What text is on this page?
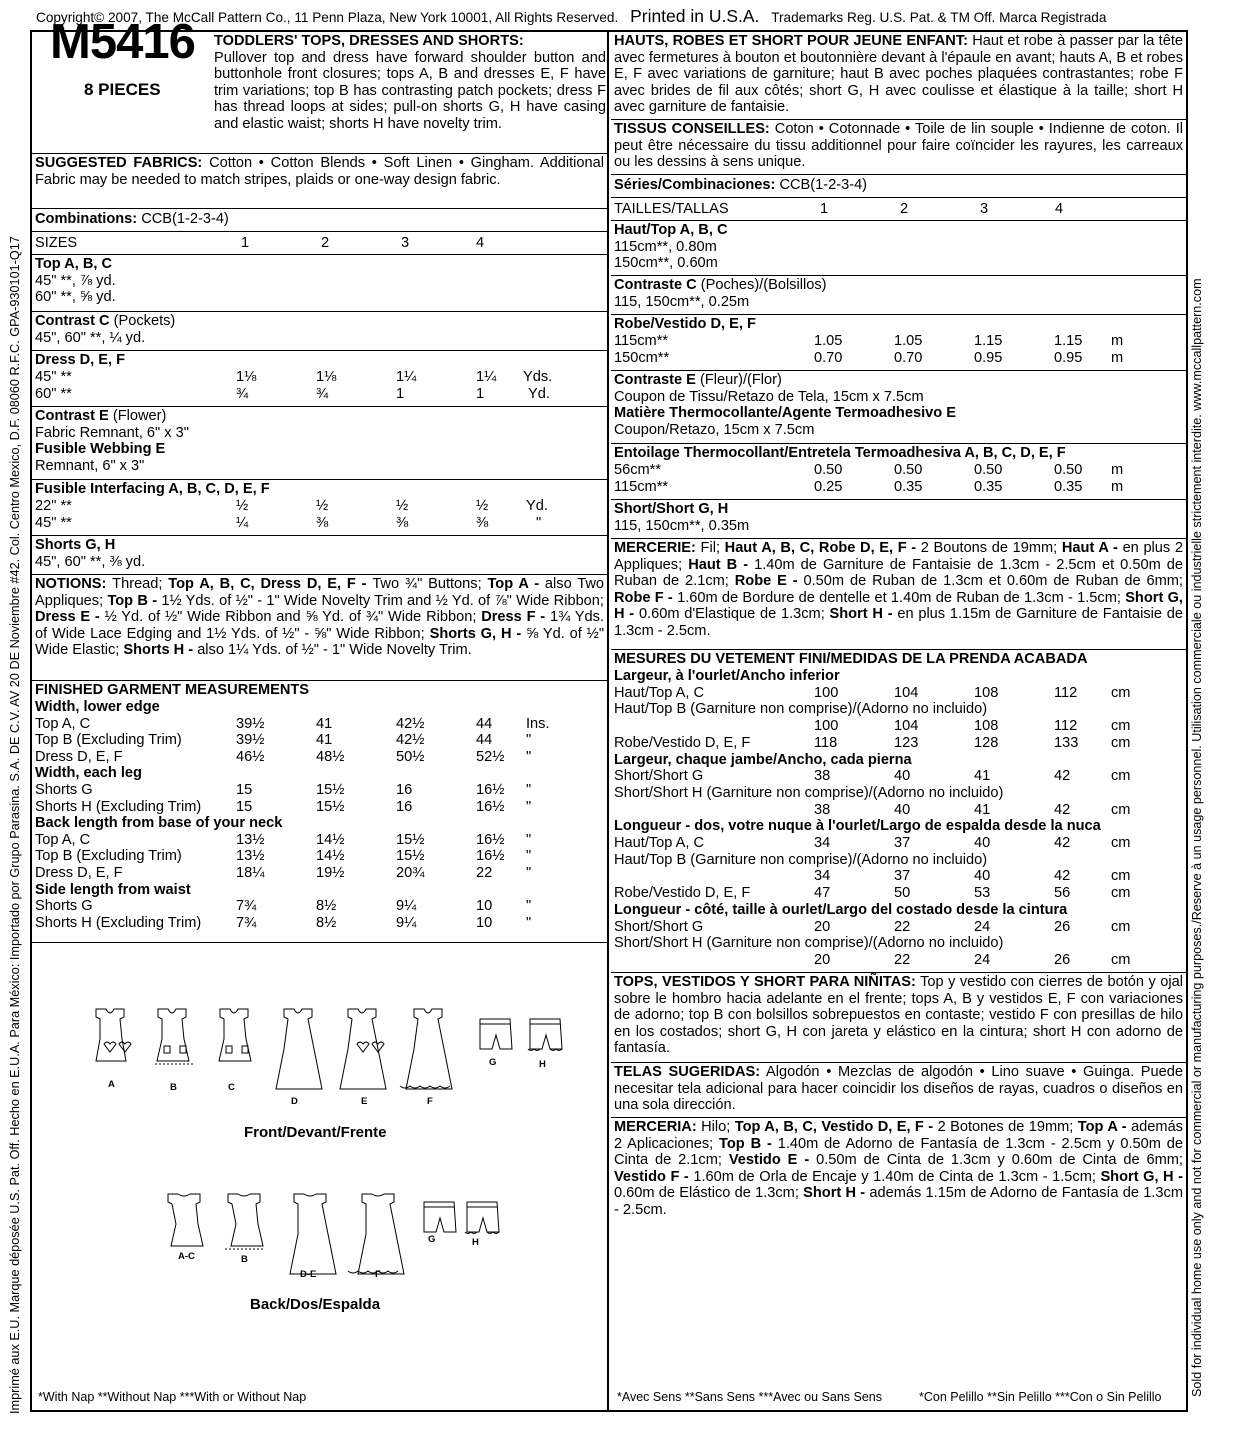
Copyright© 2007, The McCall Pattern Co., 11 Penn Plaza, New York 10001, All Rights Reserved. Printed in U.S.A. Trademarks Reg. U.S. Pat. & TM Off. Marca Registrada
Imprimé aux E.U. Marque déposée U.S. Pat. Off. Hecho en E.U.A. Para México: Importado por Grupo Parasina. S.A. DE C.V. AV 20 DE Noviembre #42. Col. Centro Mexico, D.F. 08060 R.F.C. GPA-930101-Q17	Sold for individual home use only and not for commercial or manufacturing purposes./Reserve à un usage personnel. Utilisation commerciale ou industrielle strictement interdite. www.mccallpattern.com
M5416
8 PIECES
TODDLERS' TOPS, DRESSES AND SHORTS:
Pullover top and dress have forward shoulder button and buttonhole front closures; tops A, B and dresses E, F have trim variations; top B has contrasting patch pockets; dress F has thread loops at sides; pull-on shorts G, H have casing and elastic waist; shorts H have novelty trim.
SUGGESTED FABRICS: Cotton • Cotton Blends • Soft Linen • Gingham. Additional Fabric may be needed to match stripes, plaids or one-way design fabric.
Combinations: CCB(1-2-3-4)
SIZES	1	2	3	4
Top A, B, C
45" **, ⅞ yd.
60" **, ⅝ yd.
Contrast C (Pockets)
45", 60" **, ¼ yd.
Dress D, E, F
45" **	1⅛	1⅛	1¼	1¼ Yds.
60" **	¾	¾	1	1	Yd.
Contrast E (Flower)
Fabric Remnant, 6" x 3"
Fusible Webbing E
Remnant, 6" x 3"
Fusible Interfacing A, B, C, D, E, F
22" **	½	½	½	½	Yd.
45" **	¼	⅜	⅜	⅜	"
Shorts G, H
45", 60" **, ⅜ yd.
NOTIONS: Thread; Top A, B, C, Dress D, E, F - Two ¾" Buttons; Top A - also Two Appliques; Top B - 1½ Yds. of ½" - 1" Wide Novelty Trim and ½ Yd. of ⅞" Wide Ribbon; Dress E - ½ Yd. of ½" Wide Ribbon and ⅝ Yd. of ¾" Wide Ribbon; Dress F - 1¾ Yds. of Wide Lace Edging and 1½ Yds. of ½" - ⅝" Wide Ribbon; Shorts G, H - ⅝ Yd. of ½" Wide Elastic; Shorts H - also 1¼ Yds. of ½" - 1" Wide Novelty Trim.
FINISHED GARMENT MEASUREMENTS
Width, lower edge
Top A, C	39½	41	42½	44 Ins.
Top B (Excluding Trim)	39½	41	42½	44 "
Dress D, E, F	46½	48½	50½	52½ "
Width, each leg
Shorts G	15	15½	16	16½ "
Shorts H (Excluding Trim) 15	15½	16	16½ "
Back length from base of your neck
Top A, C	13½	14½	15½	16½ "
Top B (Excluding Trim)	13½	14½	15½	16½ "
Dress D, E, F	18¼	19½	20¾	22 "
Side length from waist
Shorts G	7¾	8½	9¼	10 "
Shorts H (Excluding Trim) 7¾	8½	9¼	10 "
A	B	C
D	E	F
G	H
Front/Devant/Frente
A-C	B
D-E	F
G	H
Back/Dos/Espalda
*With Nap **Without Nap ***With or Without Nap
HAUTS, ROBES ET SHORT POUR JEUNE ENFANT: Haut et robe à passer par la tête avec fermetures à bouton et boutonnière devant à l'épaule en avant; hauts A, B et robes E, F avec variations de garniture; haut B avec poches plaquées contrastantes; robe F avec brides de fil aux côtés; short G, H avec coulisse et élastique à la taille; short H avec garniture de fantaisie.
TISSUS CONSEILLES: Coton • Cotonnade • Toile de lin souple • Indienne de coton. Il peut être nécessaire du tissu additionnel pour faire coïncider les rayures, les carreaux ou les dessins à sens unique.
Séries/Combinaciones: CCB(1-2-3-4)
TAILLES/TALLAS	1	2	3	4
Haut/Top A, B, C
115cm**, 0.80m
150cm**, 0.60m
Contraste C (Poches)/(Bolsillos)
115, 150cm**, 0.25m
Robe/Vestido D, E, F
115cm**	1.05	1.05	1.15	1.15 m
150cm**	0.70	0.70	0.95	0.95 m
Contraste E (Fleur)/(Flor)
Coupon de Tissu/Retazo de Tela, 15cm x 7.5cm
Matière Thermocollante/Agente Termoadhesivo E
Coupon/Retazo, 15cm x 7.5cm
Entoilage Thermocollant/Entretela Termoadhesiva A, B, C, D, E, F
56cm**	0.50	0.50	0.50	0.50 m
115cm**	0.25	0.35	0.35	0.35 m
Short/Short G, H
115, 150cm**, 0.35m
MERCERIE: Fil; Haut A, B, C, Robe D, E, F - 2 Boutons de 19mm; Haut A - en plus 2 Appliques; Haut B - 1.40m de Garniture de Fantaisie de 1.3cm - 2.5cm et 0.50m de Ruban de 2.1cm; Robe E - 0.50m de Ruban de 1.3cm et 0.60m de Ruban de 6mm; Robe F - 1.60m de Bordure de dentelle et 1.40m de Ruban de 1.3cm - 1.5cm; Short G, H - 0.60m d'Elastique de 1.3cm; Short H - en plus 1.15m de Garniture de Fantaisie de 1.3cm - 2.5cm.
MESURES DU VETEMENT FINI/MEDIDAS DE LA PRENDA ACABADA
Largeur, à l'ourlet/Ancho inferior
Haut/Top A, C	100	104	108	112 cm
Haut/Top B (Garniture non comprise)/(Adorno no incluido)
100	104	108	112 cm
Robe/Vestido D, E, F	118	123	128	133 cm
Largeur, chaque jambe/Ancho, cada pierna
Short/Short G	38	40	41	42	cm
Short/Short H (Garniture non comprise)/(Adorno no incluido)
38	40	41	42	cm
Longueur - dos, votre nuque à l'ourlet/Largo de espalda desde la nuca
Haut/Top A, C	34	37	40	42	cm
Haut/Top B (Garniture non comprise)/(Adorno no incluido)
34	37	40	42	cm
Robe/Vestido D, E, F	47	50	53	56	cm
Longueur - côté, taille à ourlet/Largo del costado desde la cintura
Short/Short G	20	22	24	26	cm
Short/Short H (Garniture non comprise)/(Adorno no incluido)
20	22	24	26	cm
TOPS, VESTIDOS Y SHORT PARA NIÑITAS: Top y vestido con cierres de botón y ojal sobre le hombro hacia adelante en el frente; tops A, B y vestidos E, F con variaciones de adorno; top B con bolsillos sobrepuestos en contaste; vestido F con presillas de hilo en los costados; short G, H con jareta y elástico en la cintura; short H con adorno de fantasía.
TELAS SUGERIDAS: Algodón • Mezclas de algodón • Lino suave • Guinga. Puede necesitar tela adicional para hacer coincidir los diseños de rayas, cuadros o diseños en una sola dirección.
MERCERIA: Hilo; Top A, B, C, Vestido D, E, F - 2 Botones de 19mm; Top A - además 2 Aplicaciones; Top B - 1.40m de Adorno de Fantasía de 1.3cm - 2.5cm y 0.50m de Cinta de 2.1cm; Vestido E - 0.50m de Cinta de 1.3cm y 0.60m de Cinta de 6mm; Vestido F - 1.60m de Orla de Encaje y 1.40m de Cinta de 1.3cm - 1.5cm; Short G, H - 0.60m de Elástico de 1.3cm; Short H - además 1.15m de Adorno de Fantasía de 1.3cm - 2.5cm.
*Avec Sens **Sans Sens ***Avec ou Sans Sens	*Con Pelillo **Sin Pelillo ***Con o Sin Pelillo
